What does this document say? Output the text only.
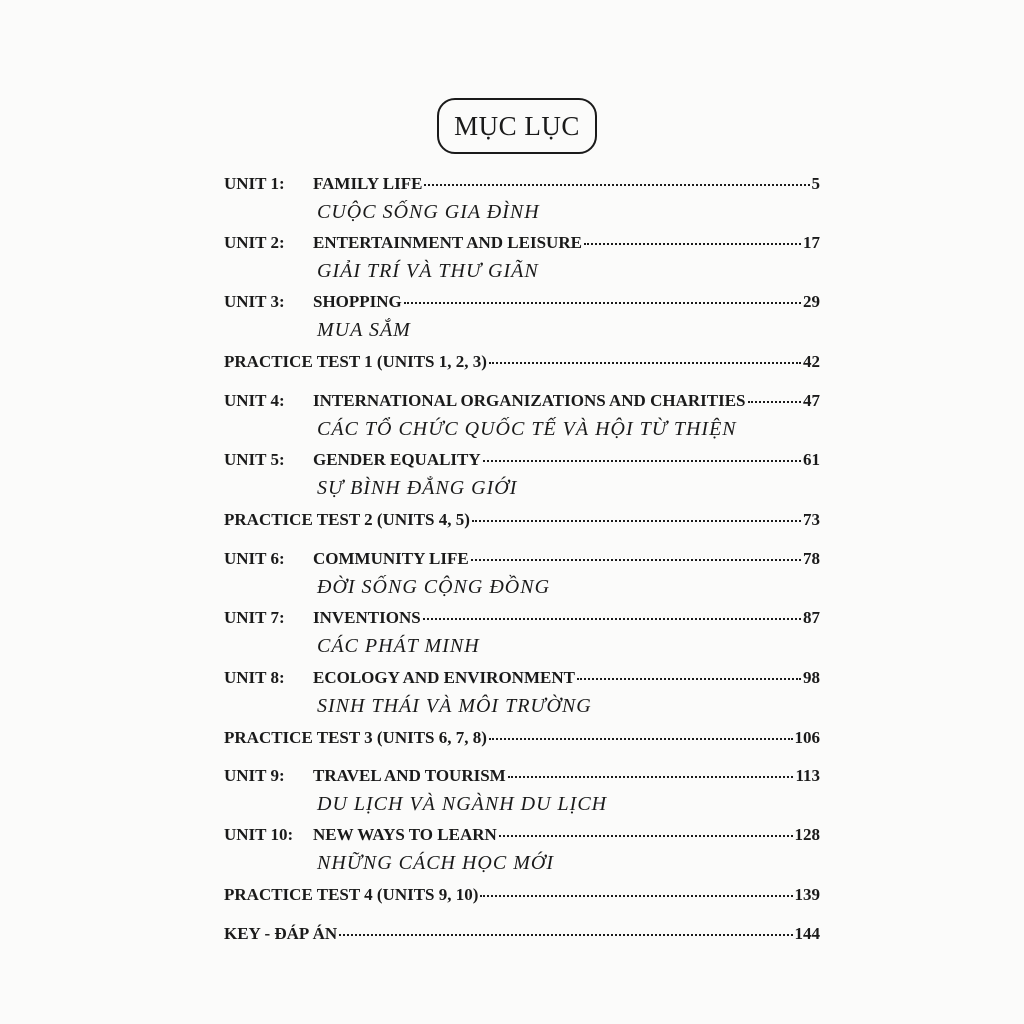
MỤC LỤC
UNIT 1:	FAMILY LIFE	5
CUỘC SỐNG GIA ĐÌNH
UNIT 2:	ENTERTAINMENT AND LEISURE	17
GIẢI TRÍ VÀ THƯ GIÃN
UNIT 3:	SHOPPING	29
MUA SẮM
PRACTICE TEST 1 (UNITS 1, 2, 3)	42
UNIT 4:	INTERNATIONAL ORGANIZATIONS AND CHARITIES	47
CÁC TỔ CHỨC QUỐC TẾ VÀ HỘI TỪ THIỆN
UNIT 5:	GENDER EQUALITY	61
SỰ BÌNH ĐẲNG GIỚI
PRACTICE TEST 2 (UNITS 4, 5)	73
UNIT 6:	COMMUNITY LIFE	78
ĐỜI SỐNG CỘNG ĐỒNG
UNIT 7:	INVENTIONS	87
CÁC PHÁT MINH
UNIT 8:	ECOLOGY AND ENVIRONMENT	98
SINH THÁI VÀ MÔI TRƯỜNG
PRACTICE TEST 3 (UNITS 6, 7, 8)	106
UNIT 9:	TRAVEL AND TOURISM	113
DU LỊCH VÀ NGÀNH DU LỊCH
UNIT 10:	NEW WAYS TO LEARN	128
NHỮNG CÁCH HỌC MỚI
PRACTICE TEST 4 (UNITS 9, 10)	139
KEY - ĐÁP ÁN	144
